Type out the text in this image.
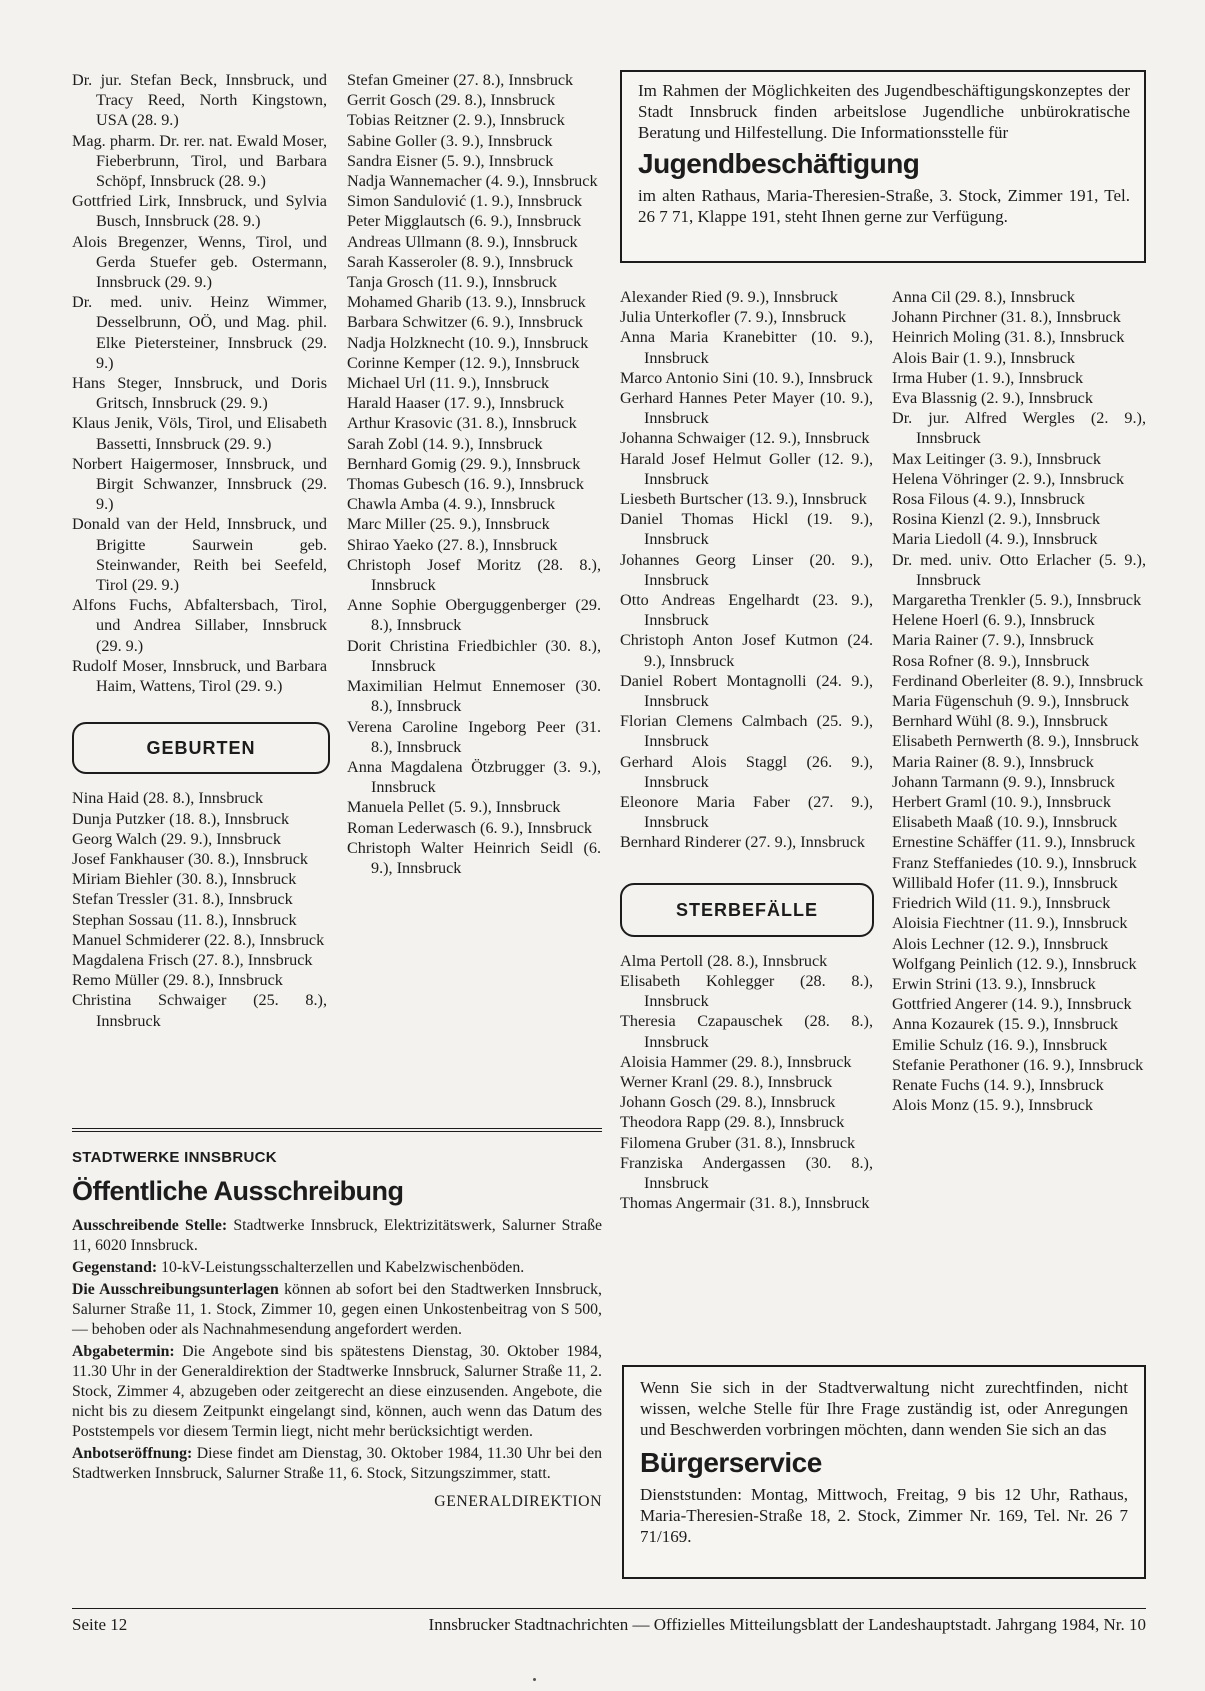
Dr. jur. Stefan Beck, Innsbruck, und Tracy Reed, North Kingstown, USA (28. 9.)
Mag. pharm. Dr. rer. nat. Ewald Moser, Fieberbrunn, Tirol, und Barbara Schöpf, Innsbruck (28. 9.)
Gottfried Lirk, Innsbruck, und Sylvia Busch, Innsbruck (28. 9.)
Alois Bregenzer, Wenns, Tirol, und Gerda Stuefer geb. Ostermann, Innsbruck (29. 9.)
Dr. med. univ. Heinz Wimmer, Desselbrunn, OÖ, und Mag. phil. Elke Pietersteiner, Innsbruck (29. 9.)
Hans Steger, Innsbruck, und Doris Gritsch, Innsbruck (29. 9.)
Klaus Jenik, Völs, Tirol, und Elisabeth Bassetti, Innsbruck (29. 9.)
Norbert Haigermoser, Innsbruck, und Birgit Schwanzer, Innsbruck (29. 9.)
Donald van der Held, Innsbruck, und Brigitte Saurwein geb. Steinwander, Reith bei Seefeld, Tirol (29. 9.)
Alfons Fuchs, Abfaltersbach, Tirol, und Andrea Sillaber, Innsbruck (29. 9.)
Rudolf Moser, Innsbruck, und Barbara Haim, Wattens, Tirol (29. 9.)
GEBURTEN
Nina Haid (28. 8.), Innsbruck
Dunja Putzker (18. 8.), Innsbruck
Georg Walch (29. 9.), Innsbruck
Josef Fankhauser (30. 8.), Innsbruck
Miriam Biehler (30. 8.), Innsbruck
Stefan Tressler (31. 8.), Innsbruck
Stephan Sossau (11. 8.), Innsbruck
Manuel Schmiderer (22. 8.), Innsbruck
Magdalena Frisch (27. 8.), Innsbruck
Remo Müller (29. 8.), Innsbruck
Christina Schwaiger (25. 8.), Innsbruck
Stefan Gmeiner (27. 8.), Innsbruck
Gerrit Gosch (29. 8.), Innsbruck
Tobias Reitzner (2. 9.), Innsbruck
Sabine Goller (3. 9.), Innsbruck
Sandra Eisner (5. 9.), Innsbruck
Nadja Wannemacher (4. 9.), Innsbruck
Simon Sandulović (1. 9.), Innsbruck
Peter Migglautsch (6. 9.), Innsbruck
Andreas Ullmann (8. 9.), Innsbruck
Sarah Kasseroler (8. 9.), Innsbruck
Tanja Grosch (11. 9.), Innsbruck
Mohamed Gharib (13. 9.), Innsbruck
Barbara Schwitzer (6. 9.), Innsbruck
Nadja Holzknecht (10. 9.), Innsbruck
Corinne Kemper (12. 9.), Innsbruck
Michael Url (11. 9.), Innsbruck
Harald Haaser (17. 9.), Innsbruck
Arthur Krasovic (31. 8.), Innsbruck
Sarah Zobl (14. 9.), Innsbruck
Bernhard Gomig (29. 9.), Innsbruck
Thomas Gubesch (16. 9.), Innsbruck
Chawla Amba (4. 9.), Innsbruck
Marc Miller (25. 9.), Innsbruck
Shirao Yaeko (27. 8.), Innsbruck
Christoph Josef Moritz (28. 8.), Innsbruck
Anne Sophie Oberguggenberger (29. 8.), Innsbruck
Dorit Christina Friedbichler (30. 8.), Innsbruck
Maximilian Helmut Ennemoser (30. 8.), Innsbruck
Verena Caroline Ingeborg Peer (31. 8.), Innsbruck
Anna Magdalena Ötzbrugger (3. 9.), Innsbruck
Manuela Pellet (5. 9.), Innsbruck
Roman Lederwasch (6. 9.), Innsbruck
Christoph Walter Heinrich Seidl (6. 9.), Innsbruck
Im Rahmen der Möglichkeiten des Jugendbeschäftigungskonzeptes der Stadt Innsbruck finden arbeitslose Jugendliche unbürokratische Beratung und Hilfestellung. Die Informationsstelle für
Jugendbeschäftigung
im alten Rathaus, Maria-Theresien-Straße, 3. Stock, Zimmer 191, Tel. 26 7 71, Klappe 191, steht Ihnen gerne zur Verfügung.
Alexander Ried (9. 9.), Innsbruck
Julia Unterkofler (7. 9.), Innsbruck
Anna Maria Kranebitter (10. 9.), Innsbruck
Marco Antonio Sini (10. 9.), Innsbruck
Gerhard Hannes Peter Mayer (10. 9.), Innsbruck
Johanna Schwaiger (12. 9.), Innsbruck
Harald Josef Helmut Goller (12. 9.), Innsbruck
Liesbeth Burtscher (13. 9.), Innsbruck
Daniel Thomas Hickl (19. 9.), Innsbruck
Johannes Georg Linser (20. 9.), Innsbruck
Otto Andreas Engelhardt (23. 9.), Innsbruck
Christoph Anton Josef Kutmon (24. 9.), Innsbruck
Daniel Robert Montagnolli (24. 9.), Innsbruck
Florian Clemens Calmbach (25. 9.), Innsbruck
Gerhard Alois Staggl (26. 9.), Innsbruck
Eleonore Maria Faber (27. 9.), Innsbruck
Bernhard Rinderer (27. 9.), Innsbruck
STERBEFÄLLE
Alma Pertoll (28. 8.), Innsbruck
Elisabeth Kohlegger (28. 8.), Innsbruck
Theresia Czapauschek (28. 8.), Innsbruck
Aloisia Hammer (29. 8.), Innsbruck
Werner Kranl (29. 8.), Innsbruck
Johann Gosch (29. 8.), Innsbruck
Theodora Rapp (29. 8.), Innsbruck
Filomena Gruber (31. 8.), Innsbruck
Franziska Andergassen (30. 8.), Innsbruck
Thomas Angermair (31. 8.), Innsbruck
Anna Cil (29. 8.), Innsbruck
Johann Pirchner (31. 8.), Innsbruck
Heinrich Moling (31. 8.), Innsbruck
Alois Bair (1. 9.), Innsbruck
Irma Huber (1. 9.), Innsbruck
Eva Blassnig (2. 9.), Innsbruck
Dr. jur. Alfred Wergles (2. 9.), Innsbruck
Max Leitinger (3. 9.), Innsbruck
Helena Vöhringer (2. 9.), Innsbruck
Rosa Filous (4. 9.), Innsbruck
Rosina Kienzl (2. 9.), Innsbruck
Maria Liedoll (4. 9.), Innsbruck
Dr. med. univ. Otto Erlacher (5. 9.), Innsbruck
Margaretha Trenkler (5. 9.), Innsbruck
Helene Hoerl (6. 9.), Innsbruck
Maria Rainer (7. 9.), Innsbruck
Rosa Rofner (8. 9.), Innsbruck
Ferdinand Oberleiter (8. 9.), Innsbruck
Maria Fügenschuh (9. 9.), Innsbruck
Bernhard Wühl (8. 9.), Innsbruck
Elisabeth Pernwerth (8. 9.), Innsbruck
Maria Rainer (8. 9.), Innsbruck
Johann Tarmann (9. 9.), Innsbruck
Herbert Graml (10. 9.), Innsbruck
Elisabeth Maaß (10. 9.), Innsbruck
Ernestine Schäffer (11. 9.), Innsbruck
Franz Steffaniedes (10. 9.), Innsbruck
Willibald Hofer (11. 9.), Innsbruck
Friedrich Wild (11. 9.), Innsbruck
Aloisia Fiechtner (11. 9.), Innsbruck
Alois Lechner (12. 9.), Innsbruck
Wolfgang Peinlich (12. 9.), Innsbruck
Erwin Strini (13. 9.), Innsbruck
Gottfried Angerer (14. 9.), Innsbruck
Anna Kozaurek (15. 9.), Innsbruck
Emilie Schulz (16. 9.), Innsbruck
Stefanie Perathoner (16. 9.), Innsbruck
Renate Fuchs (14. 9.), Innsbruck
Alois Monz (15. 9.), Innsbruck
STADTWERKE INNSBRUCK
Öffentliche Ausschreibung

Ausschreibende Stelle: Stadtwerke Innsbruck, Elektrizitätswerk, Salurner Straße 11, 6020 Innsbruck.

Gegenstand: 10-kV-Leistungsschalterzellen und Kabelzwischenböden.

Die Ausschreibungsunterlagen können ab sofort bei den Stadtwerken Innsbruck, Salurner Straße 11, 1. Stock, Zimmer 10, gegen einen Unkostenbeitrag von S 500,— behoben oder als Nachnahmesendung angefordert werden.

Abgabetermin: Die Angebote sind bis spätestens Dienstag, 30. Oktober 1984, 11.30 Uhr in der Generaldirektion der Stadtwerke Innsbruck, Salurner Straße 11, 2. Stock, Zimmer 4, abzugeben oder zeitgerecht an diese einzusenden. Angebote, die nicht bis zu diesem Zeitpunkt eingelangt sind, können, auch wenn das Datum des Poststempels vor diesem Termin liegt, nicht mehr berücksichtigt werden.

Anbotseröffnung: Diese findet am Dienstag, 30. Oktober 1984, 11.30 Uhr bei den Stadtwerken Innsbruck, Salurner Straße 11, 6. Stock, Sitzungszimmer, statt.

GENERALDIREKTION
Wenn Sie sich in der Stadtverwaltung nicht zurechtfinden, nicht wissen, welche Stelle für Ihre Frage zuständig ist, oder Anregungen und Beschwerden vorbringen möchten, dann wenden Sie sich an das
Bürgerservice
Dienststunden: Montag, Mittwoch, Freitag, 9 bis 12 Uhr, Rathaus, Maria-Theresien-Straße 18, 2. Stock, Zimmer Nr. 169, Tel. Nr. 26 7 71/169.
Seite 12	Innsbrucker Stadtnachrichten — Offizielles Mitteilungsblatt der Landeshauptstadt. Jahrgang 1984, Nr. 10
